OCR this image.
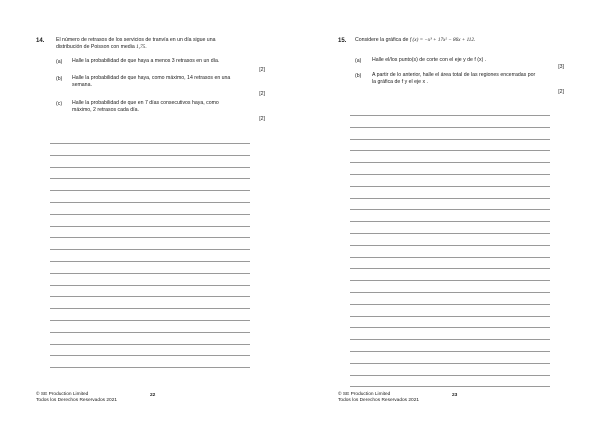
14. El número de retrasos de los servicios de tranvía en un día sigue una
distribución de Poisson con media 1,75.
(a) Halle la probabilidad de que haya a menos 3 retrasos en un día.
[2]
(b) Halle la probabilidad de que haya, como máximo, 14 retrasos en una
semana.
[2]
(c) Halle la probabilidad de que en 7 días consecutivos haya, como
máximo, 2 retrasos cada día.
[2]
© SE Production Limited
Todos los Derechos Reservados 2021
22
15. Considere la gráfica de f (x) = −x³ + 17x² − 86x + 112.
(a) Halle el/los punto(s) de corte con el eje y de f (x) .
[3]
(b) A partir de lo anterior, halle el área total de las regiones encerradas por
la gráfica de f y el eje x .
[2]
© SE Production Limited
Todos los Derechos Reservados 2021
23
